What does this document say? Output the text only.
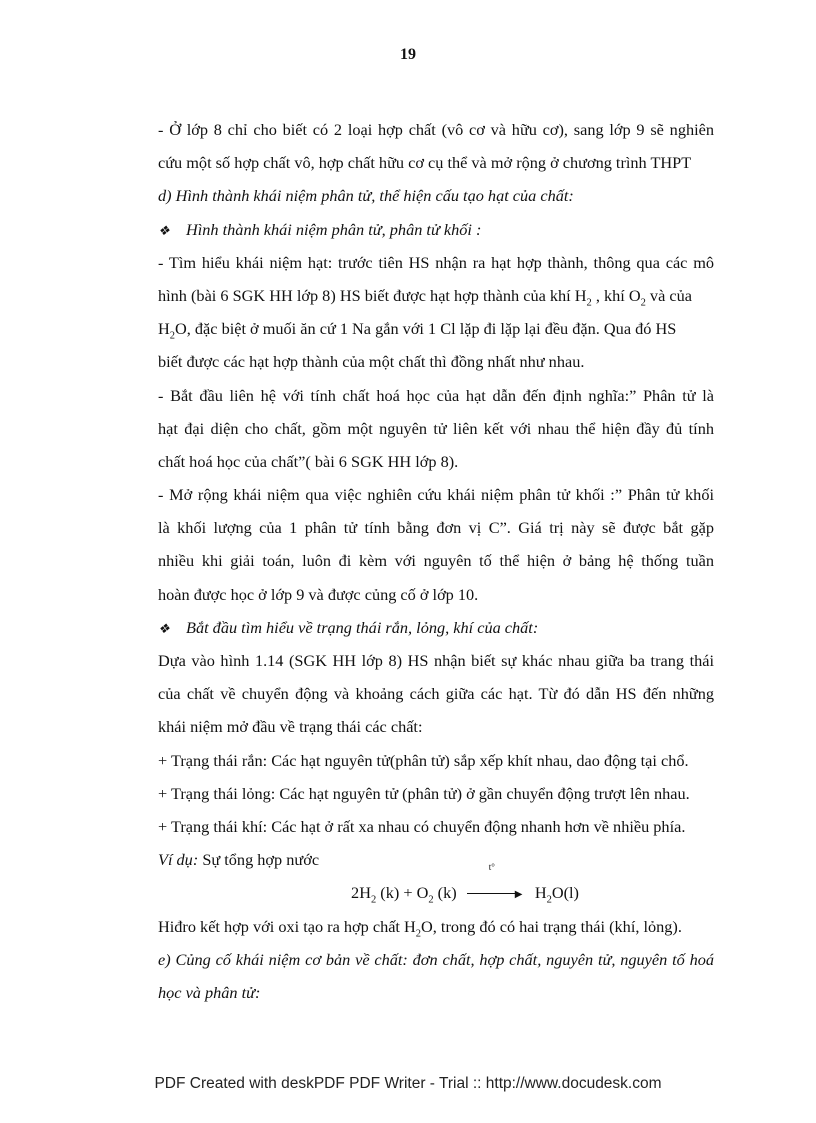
19
- Ở lớp 8 chỉ cho biết có 2 loại hợp chất (vô cơ và hữu cơ), sang lớp 9 sẽ nghiên
cứu một số hợp chất vô, hợp chất hữu cơ cụ thể và mở rộng ở chương trình THPT
d) Hình thành khái niệm phân tử, thể hiện cấu tạo hạt của chất:
❖ Hình thành khái niệm phân tử, phân tử khối :
- Tìm hiểu khái niệm hạt: trước tiên HS nhận ra hạt hợp thành, thông qua các mô
hình (bài 6 SGK HH lớp 8) HS biết được hạt hợp thành của khí $H_2$ , khí $O_2$ và của
$H_2O$, đặc biệt ở muối ăn cứ 1 Na gắn với 1 Cl lặp đi lặp lại đều đặn. Qua đó HS
biết được các hạt hợp thành của một chất thì đồng nhất như nhau.
- Bắt đầu liên hệ với tính chất hoá học của hạt dẫn đến định nghĩa:” Phân tử là
hạt đại diện cho chất, gồm một nguyên tử liên kết với nhau thể hiện đầy đủ tính
chất hoá học của chất”( bài 6 SGK HH lớp 8).
- Mở rộng khái niệm qua việc nghiên cứu khái niệm phân tử khối :” Phân tử khối
là khối lượng của 1 phân tử tính bằng đơn vị C”. Giá trị này sẽ được bắt gặp
nhiều khi giải toán, luôn đi kèm với nguyên tố thể hiện ở bảng hệ thống tuần
hoàn được học ở lớp 9 và được củng cố ở lớp 10.
❖ Bắt đầu tìm hiểu về trạng thái rắn, lỏng, khí của chất:
Dựa vào hình 1.14 (SGK HH lớp 8) HS nhận biết sự khác nhau giữa ba trang thái
của chất về chuyển động và khoảng cách giữa các hạt. Từ đó dẫn HS đến những
khái niệm mở đầu về trạng thái các chất:
+ Trạng thái rắn: Các hạt nguyên tử(phân tử) sắp xếp khít nhau, dao động tại chổ.
+ Trạng thái lỏng: Các hạt nguyên tử (phân tử) ở gần chuyển động trượt lên nhau.
+ Trạng thái khí: Các hạt ở rất xa nhau có chuyển động nhanh hơn về nhiều phía.
Ví dụ: Sự tổng hợp nước
$2H_2$ $(k) + O_2$ (k)
t°
▶ $H_2O(l)$
Hiđro kết hợp với oxi tạo ra hợp chất $H_2O$, trong đó có hai trạng thái (khí, lỏng).
e) Củng cố khái niệm cơ bản về chất: đơn chất, hợp chất, nguyên tử, nguyên tố hoá
học và phân tử:
PDF Created with deskPDF PDF Writer - Trial :: http://www.docudesk.com
